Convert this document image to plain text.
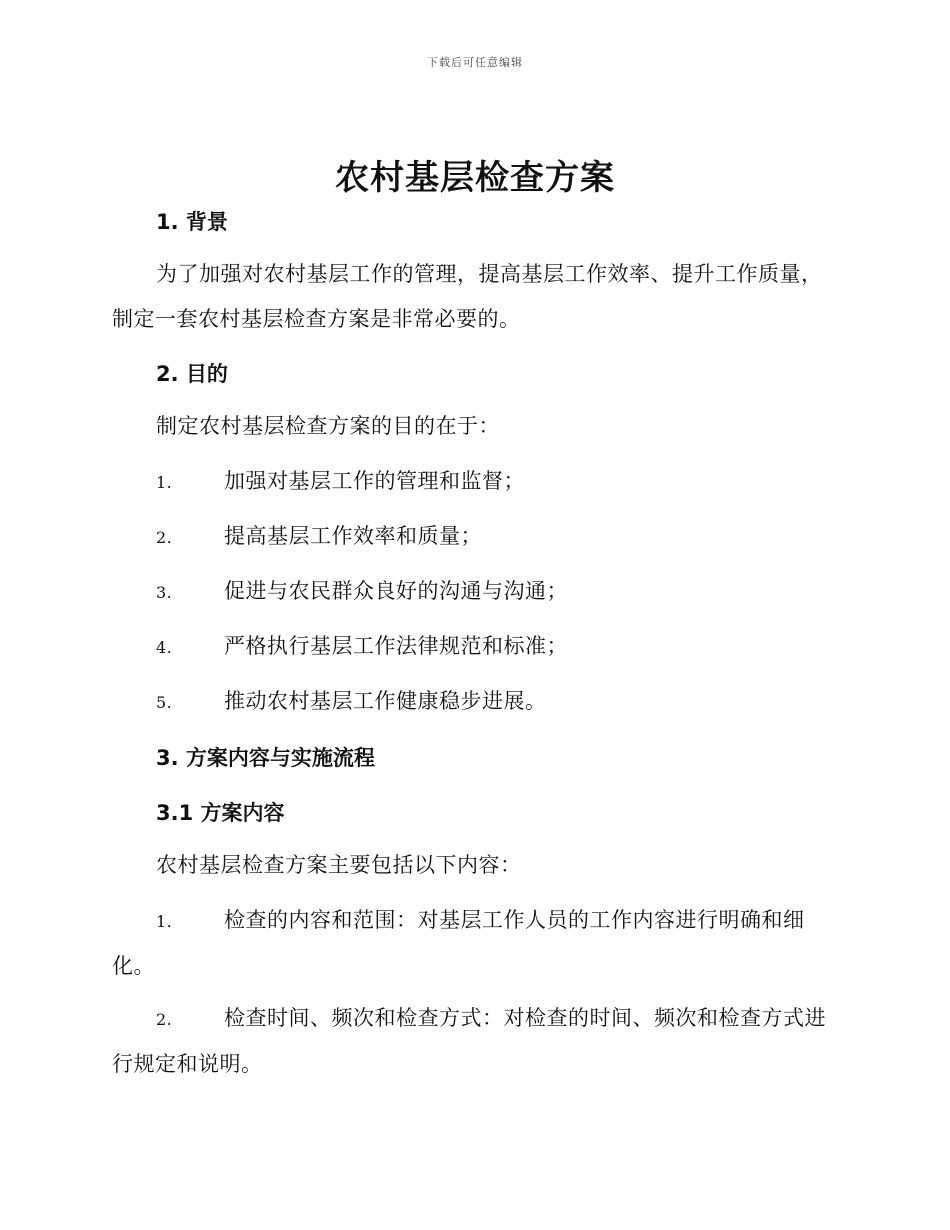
下载后可任意编辑
农村基层检查方案
1. 背景
为了加强对农村基层工作的管理，提高基层工作效率、提升工作质量，制定一套农村基层检查方案是非常必要的。
2. 目的
制定农村基层检查方案的目的在于：
1. 加强对基层工作的管理和监督；
2. 提高基层工作效率和质量；
3. 促进与农民群众良好的沟通与沟通；
4. 严格执行基层工作法律规范和标准；
5. 推动农村基层工作健康稳步进展。
3. 方案内容与实施流程
3.1 方案内容
农村基层检查方案主要包括以下内容：
1. 检查的内容和范围：对基层工作人员的工作内容进行明确和细化。
2. 检查时间、频次和检查方式：对检查的时间、频次和检查方式进行规定和说明。
